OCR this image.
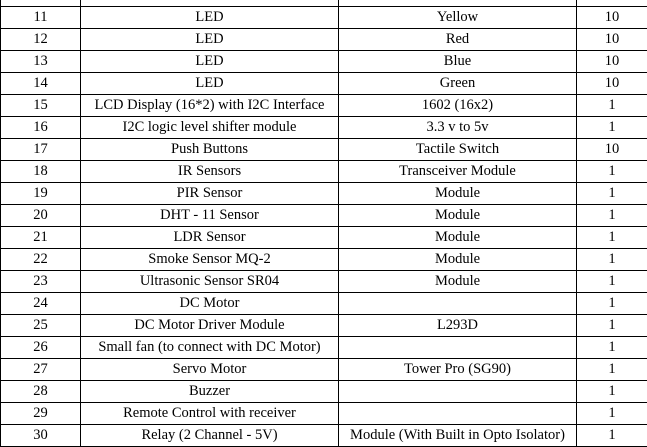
11	LED	Yellow	10
12	LED	Red	10
13	LED	Blue	10
14	LED	Green	10
15	LCD Display (16*2) with I2C Interface	1602 (16x2)	1
16	I2C logic level shifter module	3.3 v to 5v	1
17	Push Buttons	Tactile Switch	10
18	IR Sensors	Transceiver Module	1
19	PIR Sensor	Module	1
20	DHT - 11 Sensor	Module	1
21	LDR Sensor	Module	1
22	Smoke Sensor MQ-2	Module	1
23	Ultrasonic Sensor SR04	Module	1
24	DC Motor		1
25	DC Motor Driver Module	L293D	1
26	Small fan (to connect with DC Motor)		1
27	Servo Motor	Tower Pro (SG90)	1
28	Buzzer		1
29	Remote Control with receiver		1
30	Relay (2 Channel - 5V)	Module (With Built in Opto Isolator)	1
